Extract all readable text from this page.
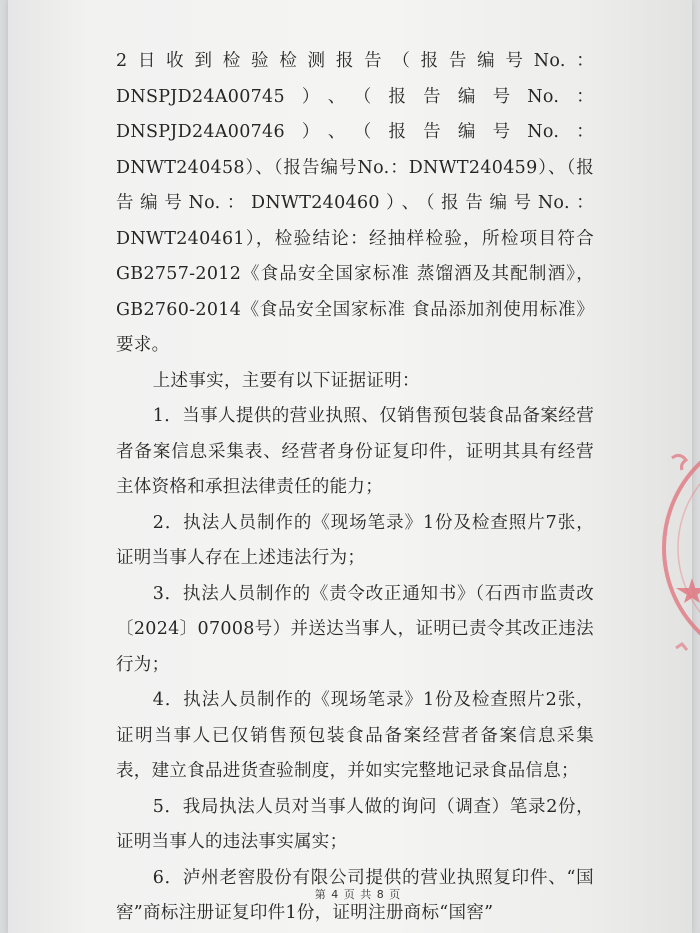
2日收到检验检测报告（报告编号No.：DNSPJD24A00745）、（报告编号No.：DNSPJD24A00746）、（报告编号No.：DNWT240458）、（报告编号No.：DNWT240459）、（报告编号No.：DNWT240460）、（报告编号No.：DNWT240461），检验结论：经抽样检验，所检项目符合GB2757-2012《食品安全国家标准 蒸馏酒及其配制酒》，GB2760-2014《食品安全国家标准 食品添加剂使用标准》要求。

上述事实，主要有以下证据证明：

1．当事人提供的营业执照、仅销售预包装食品备案经营者备案信息采集表、经营者身份证复印件，证明其具有经营主体资格和承担法律责任的能力；

2．执法人员制作的《现场笔录》1份及检查照片7张，证明当事人存在上述违法行为；

3．执法人员制作的《责令改正通知书》（石西市监责改〔2024〕07008号）并送达当事人，证明已责令其改正违法行为；

4．执法人员制作的《现场笔录》1份及检查照片2张，证明当事人已仅销售预包装食品备案经营者备案信息采集表，建立食品进货查验制度，并如实完整地记录食品信息；

5．我局执法人员对当事人做的询问（调查）笔录2份，证明当事人的违法事实属实；

6．泸州老窖股份有限公司提供的营业执照复印件、“国窖”商标注册证复印件1份，证明注册商标“国窖”

第 4 页 共 8 页
